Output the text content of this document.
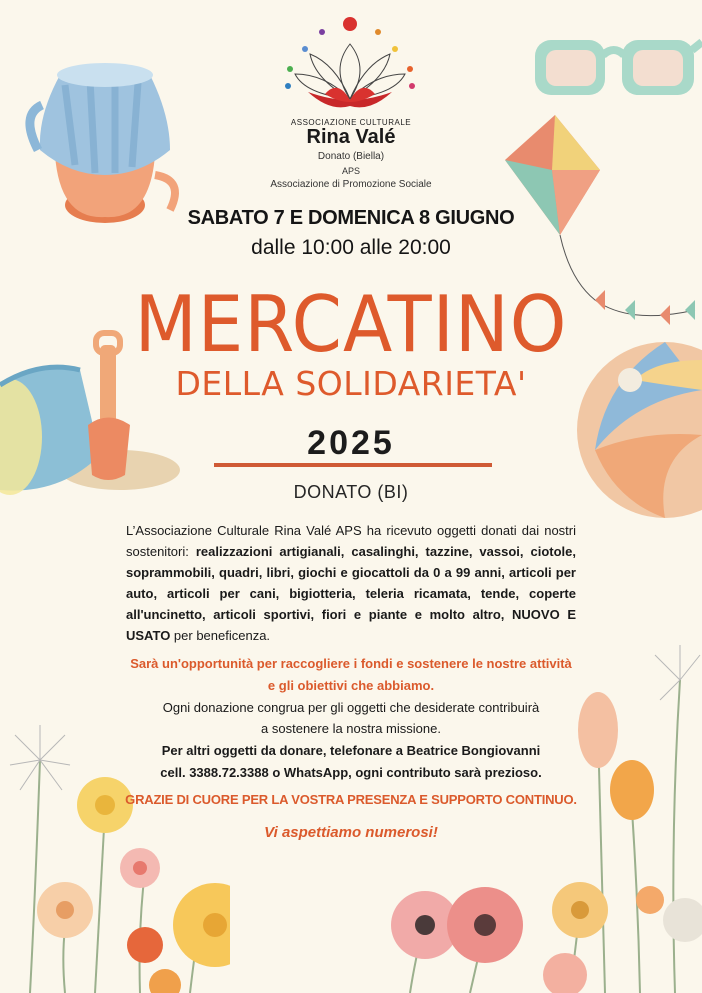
ASSOCIAZIONE CULTURALE
Rina Valé
Donato (Biella)
APS
Associazione di Promozione Sociale
SABATO 7 E DOMENICA 8 GIUGNO
dalle 10:00 alle 20:00
MERCATINO
DELLA SOLIDARIETA'
2025
DONATO (BI)
L’Associazione Culturale Rina Valé APS ha ricevuto oggetti donati dai nostri sostenitori: realizzazioni artigianali, casalinghi, tazzine, vassoi, ciotole, soprammobili, quadri, libri, giochi e giocattoli da 0 a 99 anni, articoli per auto, articoli per cani, bigiotteria, teleria ricamata, tende, coperte all'uncinetto, articoli sportivi, fiori e piante e molto altro, NUOVO E USATO per beneficenza.
Sarà un'opportunità per raccogliere i fondi e sostenere le nostre attività
e gli obiettivi che abbiamo.
Ogni donazione congrua per gli oggetti che desiderate contribuirà
a sostenere la nostra missione.
Per altri oggetti da donare, telefonare a Beatrice Bongiovanni
cell. 3388.72.3388 o WhatsApp, ogni contributo sarà prezioso.
GRAZIE DI CUORE PER LA VOSTRA PRESENZA E SUPPORTO CONTINUO.
Vi aspettiamo numerosi!
